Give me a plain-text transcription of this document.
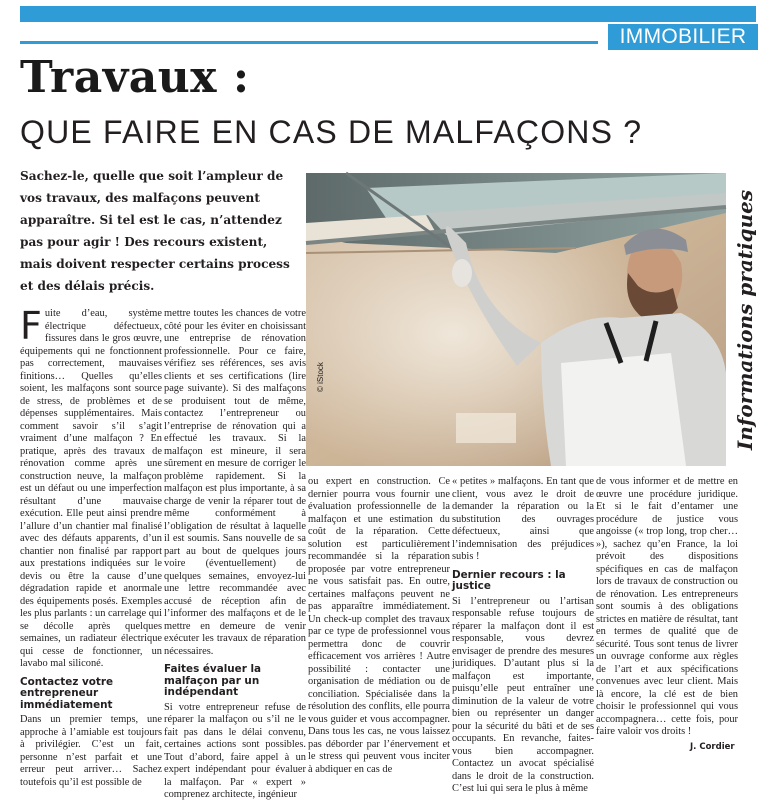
IMMOBILIER
Travaux :
QUE FAIRE EN CAS DE MALFAÇONS ?

Sachez-le, quelle que soit l’ampleur de vos travaux, des malfaçons peuvent apparaître. Si tel est le cas, n’attendez pas pour agir ! Des recours existent, mais doivent respecter certains process et des délais précis.

© iStock	Informations pratiques

Fuite d’eau, système électrique défectueux, fissures dans le gros œuvre, équipements qui ne fonctionnent pas correctement, mauvaises finitions… Quelles qu’elles soient, les malfaçons sont source de stress, de problèmes et de dépenses supplémentaires. Mais comment savoir s’il s’agit vraiment d’une malfaçon ? En pratique, après des travaux de rénovation comme après une construction neuve, la malfaçon est un défaut ou une imperfection résultant d’une mauvaise exécution. Elle peut ainsi prendre l’allure d’un chantier mal finalisé avec des défauts apparents, d’un chantier non finalisé par rapport aux prestations indiquées sur le devis ou être la cause d’une dégradation rapide et anormale des équipements posés. Exemples les plus parlants : un carrelage qui se décolle après quelques semaines, un radiateur électrique qui cesse de fonctionner, un lavabo mal siliconé.

Contactez votre entrepreneur immédiatement

Dans un premier temps, une approche à l’amiable est toujours à privilégier. C’est un fait, personne n’est parfait et une erreur peut arriver… Sachez toutefois qu’il est possible de

mettre toutes les chances de votre côté pour les éviter en choisissant une entreprise de rénovation professionnelle. Pour ce faire, vérifiez ses références, ses avis clients et ses certifications (lire page suivante). Si des malfaçons se produisent tout de même, contactez l’entrepreneur ou l’entreprise de rénovation qui a effectué les travaux. Si la malfaçon est mineure, il sera sûrement en mesure de corriger le problème rapidement. Si la malfaçon est plus importante, à sa charge de venir la réparer tout de même conformément à l’obligation de résultat à laquelle il est soumis. Sans nouvelle de sa part au bout de quelques jours voire (éventuellement) de quelques semaines, envoyez-lui une lettre recommandée avec accusé de réception afin de l’informer des malfaçons et de le mettre en demeure de venir exécuter les travaux de réparation nécessaires.

Faites évaluer la malfaçon par un indépendant

Si votre entrepreneur refuse de réparer la malfaçon ou s’il ne le fait pas dans le délai convenu, certaines actions sont possibles. Tout d’abord, faire appel à un expert indépendant pour évaluer la malfaçon. Par « expert » comprenez architecte, ingénieur

ou expert en construction. Ce dernier pourra vous fournir une évaluation professionnelle de la malfaçon et une estimation du coût de la réparation. Cette solution est particulièrement recommandée si la réparation proposée par votre entrepreneur ne vous satisfait pas. En outre, certaines malfaçons peuvent ne pas apparaître immédiatement. Un check-up complet des travaux par ce type de professionnel vous permettra donc de couvrir efficacement vos arrières ! Autre possibilité : contacter une organisation de médiation ou de conciliation. Spécialisée dans la résolution des conflits, elle pourra vous guider et vous accompagner. Dans tous les cas, ne vous laissez pas déborder par l’énervement et le stress qui peuvent vous inciter à abdiquer en cas de

« petites » malfaçons. En tant que client, vous avez le droit de demander la réparation ou la substitution des ouvrages défectueux, ainsi que l’indemnisation des préjudices subis !

Dernier recours : la justice

Si l’entrepreneur ou l’artisan responsable refuse toujours de réparer la malfaçon dont il est responsable, vous devrez envisager de prendre des mesures juridiques. D’autant plus si la malfaçon est importante, puisqu’elle peut entraîner une diminution de la valeur de votre bien ou représenter un danger pour la sécurité du bâti et de ses occupants. En revanche, faites-vous bien accompagner. Contactez un avocat spécialisé dans le droit de la construction. C’est lui qui sera le plus à même

de vous informer et de mettre en œuvre une procédure juridique. Et si le fait d’entamer une procédure de justice vous angoisse (« trop long, trop cher… »), sachez qu’en France, la loi prévoit des dispositions spécifiques en cas de malfaçon lors de travaux de construction ou de rénovation. Les entrepreneurs sont soumis à des obligations strictes en matière de résultat, tant en termes de qualité que de sécurité. Tous sont tenus de livrer un ouvrage conforme aux règles de l’art et aux spécifications convenues avec leur client. Mais là encore, la clé est de bien choisir le professionnel qui vous accompagnera… cette fois, pour faire valoir vos droits !

J. Cordier
